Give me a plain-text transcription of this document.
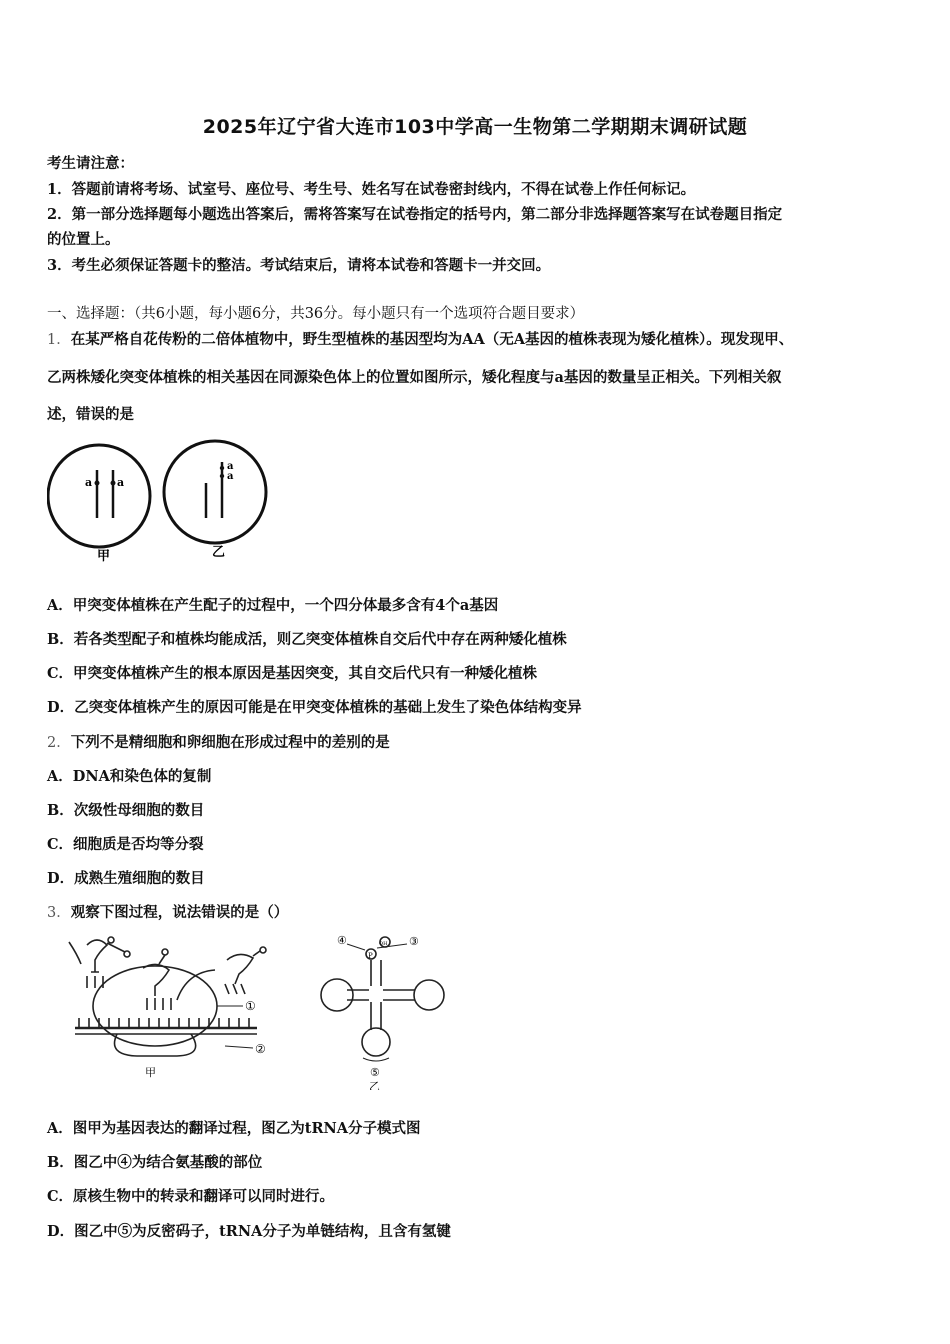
2025年辽宁省大连市103中学高一生物第二学期期末调研试题
考生请注意：
1．答题前请将考场、试室号、座位号、考生号、姓名写在试卷密封线内，不得在试卷上作任何标记。
2．第一部分选择题每小题选出答案后，需将答案写在试卷指定的括号内，第二部分非选择题答案写在试卷题目指定
的位置上。
3．考生必须保证答题卡的整洁。考试结束后，请将本试卷和答题卡一并交回。
一、选择题：（共6小题，每小题6分，共36分。每小题只有一个选项符合题目要求）
1．在某严格自花传粉的二倍体植物中，野生型植株的基因型均为AA（无A基因的植株表现为矮化植株）。现发现甲、
乙两株矮化突变体植株的相关基因在同源染色体上的位置如图所示，矮化程度与a基因的数量呈正相关。下列相关叙
述，错误的是
a a
a
a
甲	乙
A．甲突变体植株在产生配子的过程中，一个四分体最多含有4个a基因
B．若各类型配子和植株均能成活，则乙突变体植株自交后代中存在两种矮化植株
C．甲突变体植株产生的根本原因是基因突变，其自交后代只有一种矮化植株
D．乙突变体植株产生的原因可能是在甲突变体植株的基础上发生了染色体结构变异
2．下列不是精细胞和卵细胞在形成过程中的差别的是
A．DNA和染色体的复制
B．次级性母细胞的数目
C．细胞质是否均等分裂
D．成熟生殖细胞的数目
3．观察下图过程，说法错误的是（）
①
②
甲
④	③
P
OH
⑤
乙
A．图甲为基因表达的翻译过程，图乙为tRNA分子模式图
B．图乙中④为结合氨基酸的部位
C．原核生物中的转录和翻译可以同时进行。
D．图乙中⑤为反密码子，tRNA分子为单链结构，且含有氢键
